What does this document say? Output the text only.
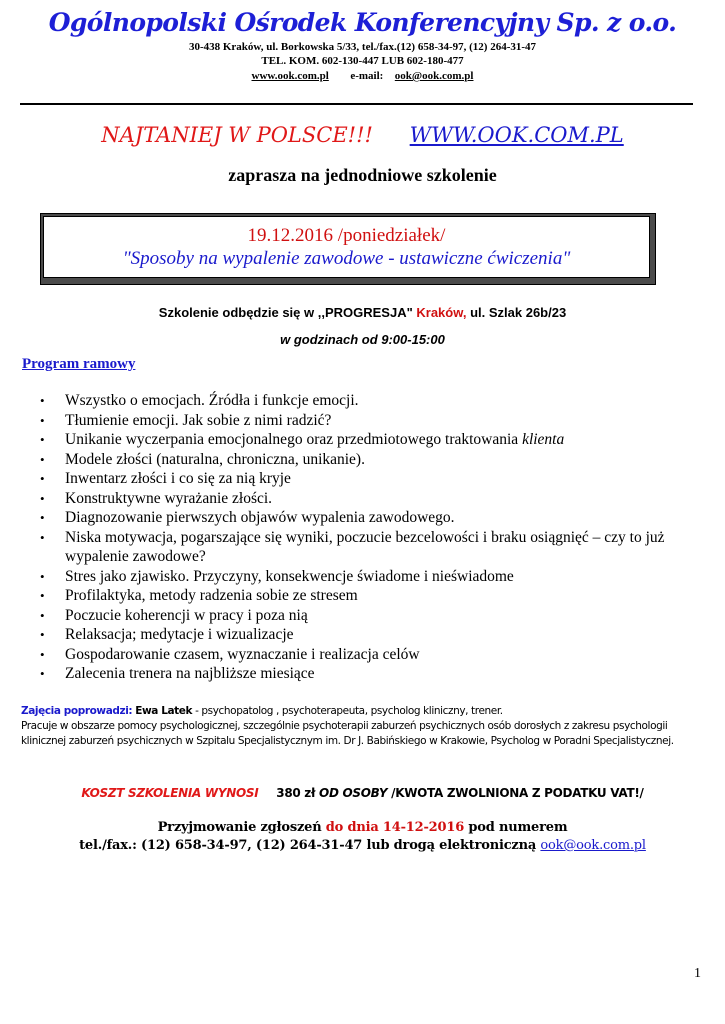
Ogólnopolski Ośrodek Konferencyjny Sp. z o.o.
30-438 Kraków, ul. Borkowska 5/33, tel./fax.(12) 658-34-97, (12) 264-31-47
TEL. KOM. 602-130-447 LUB 602-180-477
www.ook.com.pl e-mail: ook@ook.com.pl
NAJTANIEJ W POLSCE!!! WWW.OOK.COM.PL
zaprasza na jednodniowe szkolenie
19.12.2016 /poniedziałek/
"Sposoby na wypalenie zawodowe - ustawiczne ćwiczenia"
Szkolenie odbędzie się w ,,PROGRESJA" Kraków, ul. Szlak 26b/23
w godzinach od 9:00-15:00
Program ramowy
• Wszystko o emocjach. Źródła i funkcje emocji.
• Tłumienie emocji. Jak sobie z nimi radzić?
• Unikanie wyczerpania emocjonalnego oraz przedmiotowego traktowania klienta
• Modele złości (naturalna, chroniczna, unikanie).
• Inwentarz złości i co się za nią kryje
• Konstruktywne wyrażanie złości.
• Diagnozowanie pierwszych objawów wypalenia zawodowego.
• Niska motywacja, pogarszające się wyniki, poczucie bezcelowości i braku osiągnięć – czy to już wypalenie zawodowe?
• Stres jako zjawisko. Przyczyny, konsekwencje świadome i nieświadome
• Profilaktyka, metody radzenia sobie ze stresem
• Poczucie koherencji w pracy i poza nią
• Relaksacja; medytacje i wizualizacje
• Gospodarowanie czasem, wyznaczanie i realizacja celów
• Zalecenia trenera na najbliższe miesiące
Zajęcia poprowadzi: Ewa Latek - psychopatolog , psychoterapeuta, psycholog kliniczny, trener.
Pracuje w obszarze pomocy psychologicznej, szczególnie psychoterapii zaburzeń psychicznych osób dorosłych z zakresu psychologii klinicznej zaburzeń psychicznych w Szpitalu Specjalistycznym im. Dr J. Babińskiego w Krakowie, Psycholog w Poradni Specjalistycznej.
KOSZT SZKOLENIA WYNOSI 380 zł OD OSOBY /KWOTA ZWOLNIONA Z PODATKU VAT!/
Przyjmowanie zgłoszeń do dnia 14-12-2016 pod numerem
tel./fax.: (12) 658-34-97, (12) 264-31-47 lub drogą elektroniczną ook@ook.com.pl
1
